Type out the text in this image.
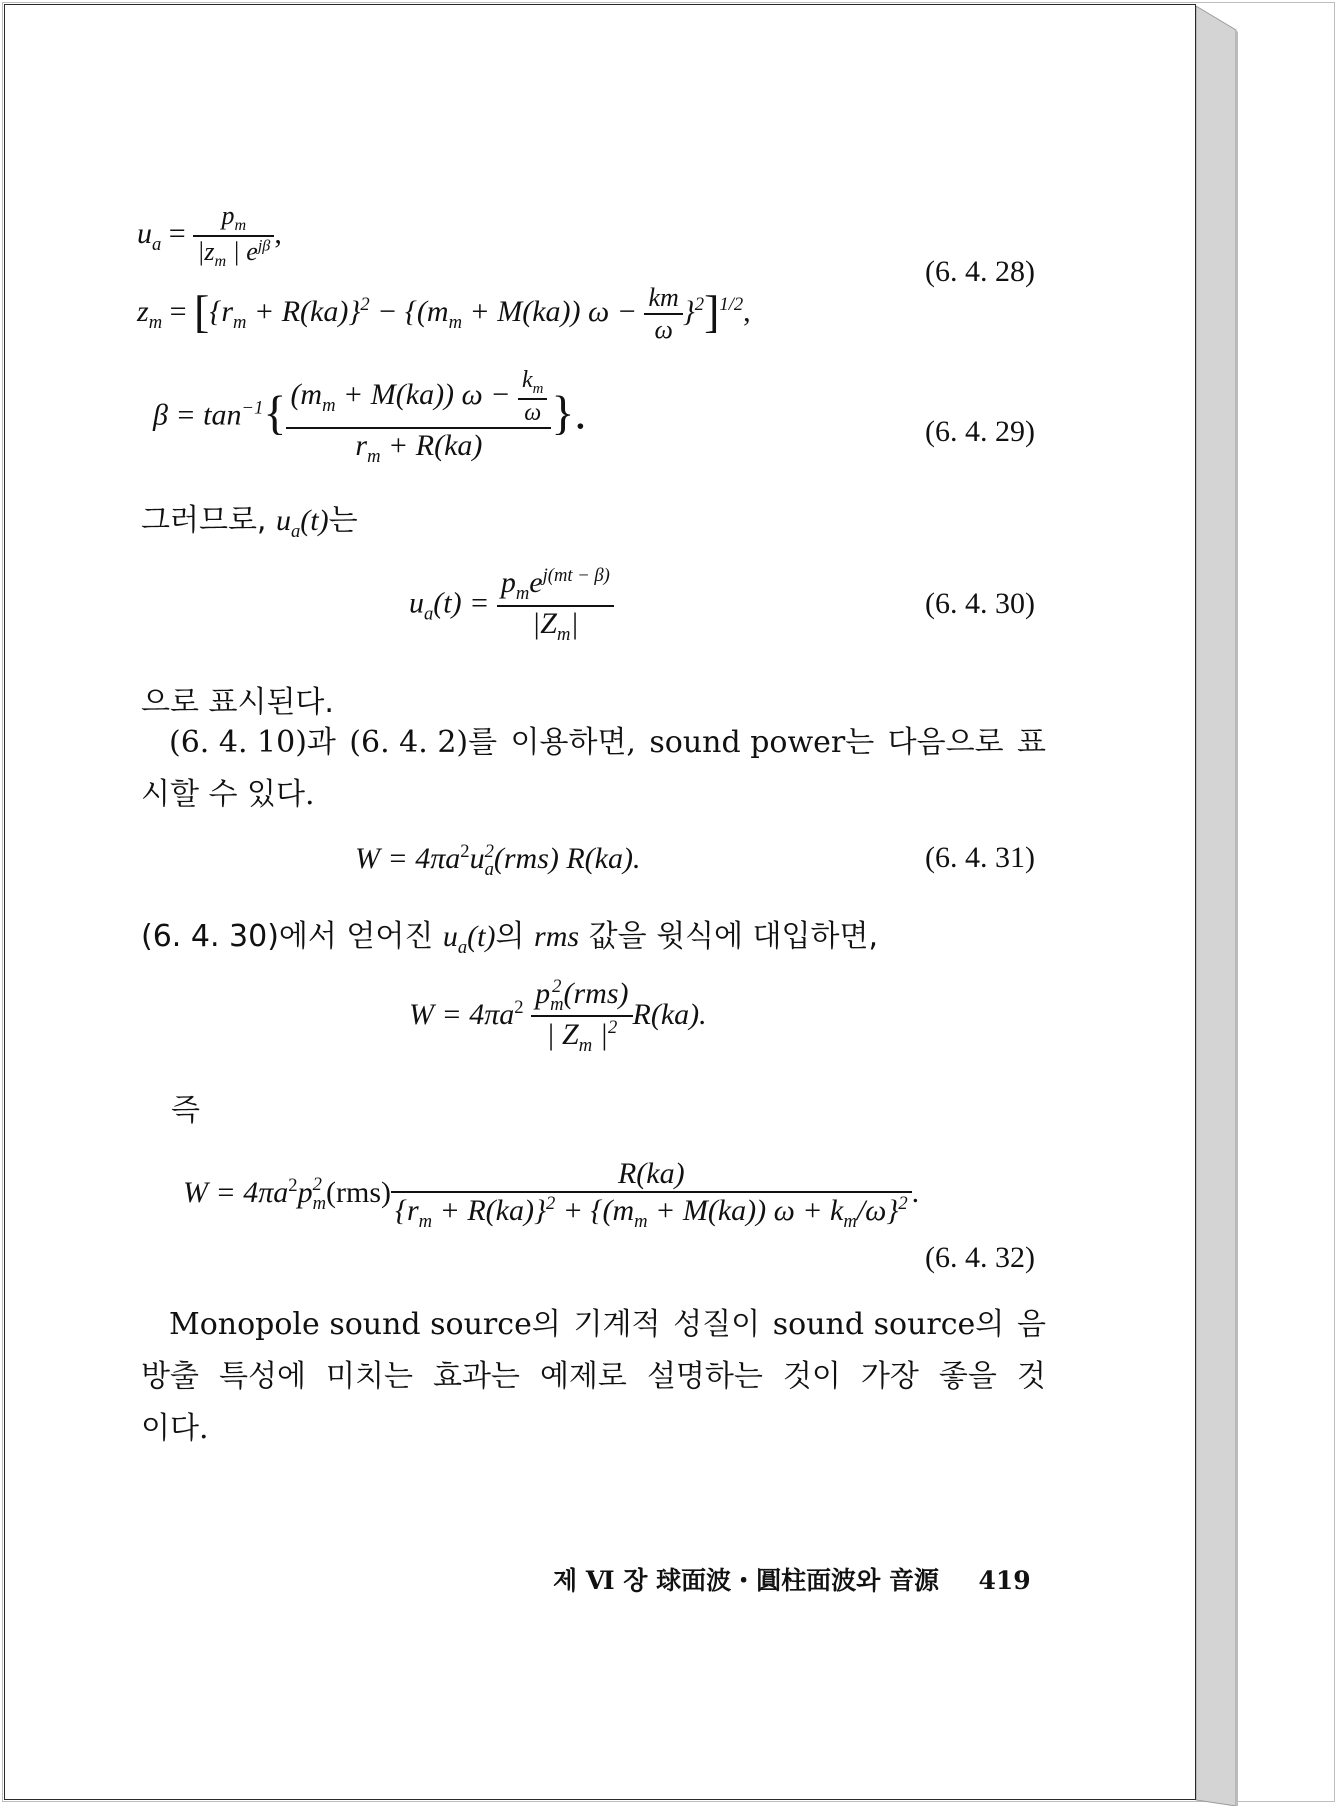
$u_a = \frac{p_m}{|z_m | e^{j\beta}}$ ,
(6. 4. 28)
$z_m = [\{r_m + R(ka)\}^2 - \{(m_m + M(ka)) \omega - \frac{km}{\omega} \}^2]^{1/2}$,
$\beta = \tan^{-1}\{ \frac{(m_m + M(ka)) \omega - \frac{k_m}{\omega}}{r_m + R(ka)}$ }.	(6. 4. 29)
그러므로, $u_a(t)$는
$u_a(t) = \frac{p_me^{j(mt - \beta)}}{|Z_m|}$	(6. 4. 30)
으로 표시된다.
(6. 4. 10)과 (6. 4. 2)를 이용하면, sound power는 다음으로 표
시할 수 있다.
$W = 4\pi a^2u$ 2
a (rms) R(ka).	(6. 4. 31)
(6. 4. 30)에서 얻어진 $u_a(t)$의 rms 값을 윗식에 대입하면,
$W = 4\pi a^2$ p 2
m (rms)
| $Z_m$ $|^2$ R(ka).
즉
$W = 4\pi a^2p$ 2
m $(rms) \frac{R(ka)}{\{r_m + R(ka)\}^2 + \{(m_m + M(ka)) \omega + k_m/\omega\}^2}$ .
(6. 4. 32)
Monopole sound source의 기계적 성질이 sound source의 음
방출 특성에 미치는 효과는 예제로 설명하는 것이 가장 좋을 것
이다.
제 Ⅵ 장 球面波・圓柱面波와 音源 419
